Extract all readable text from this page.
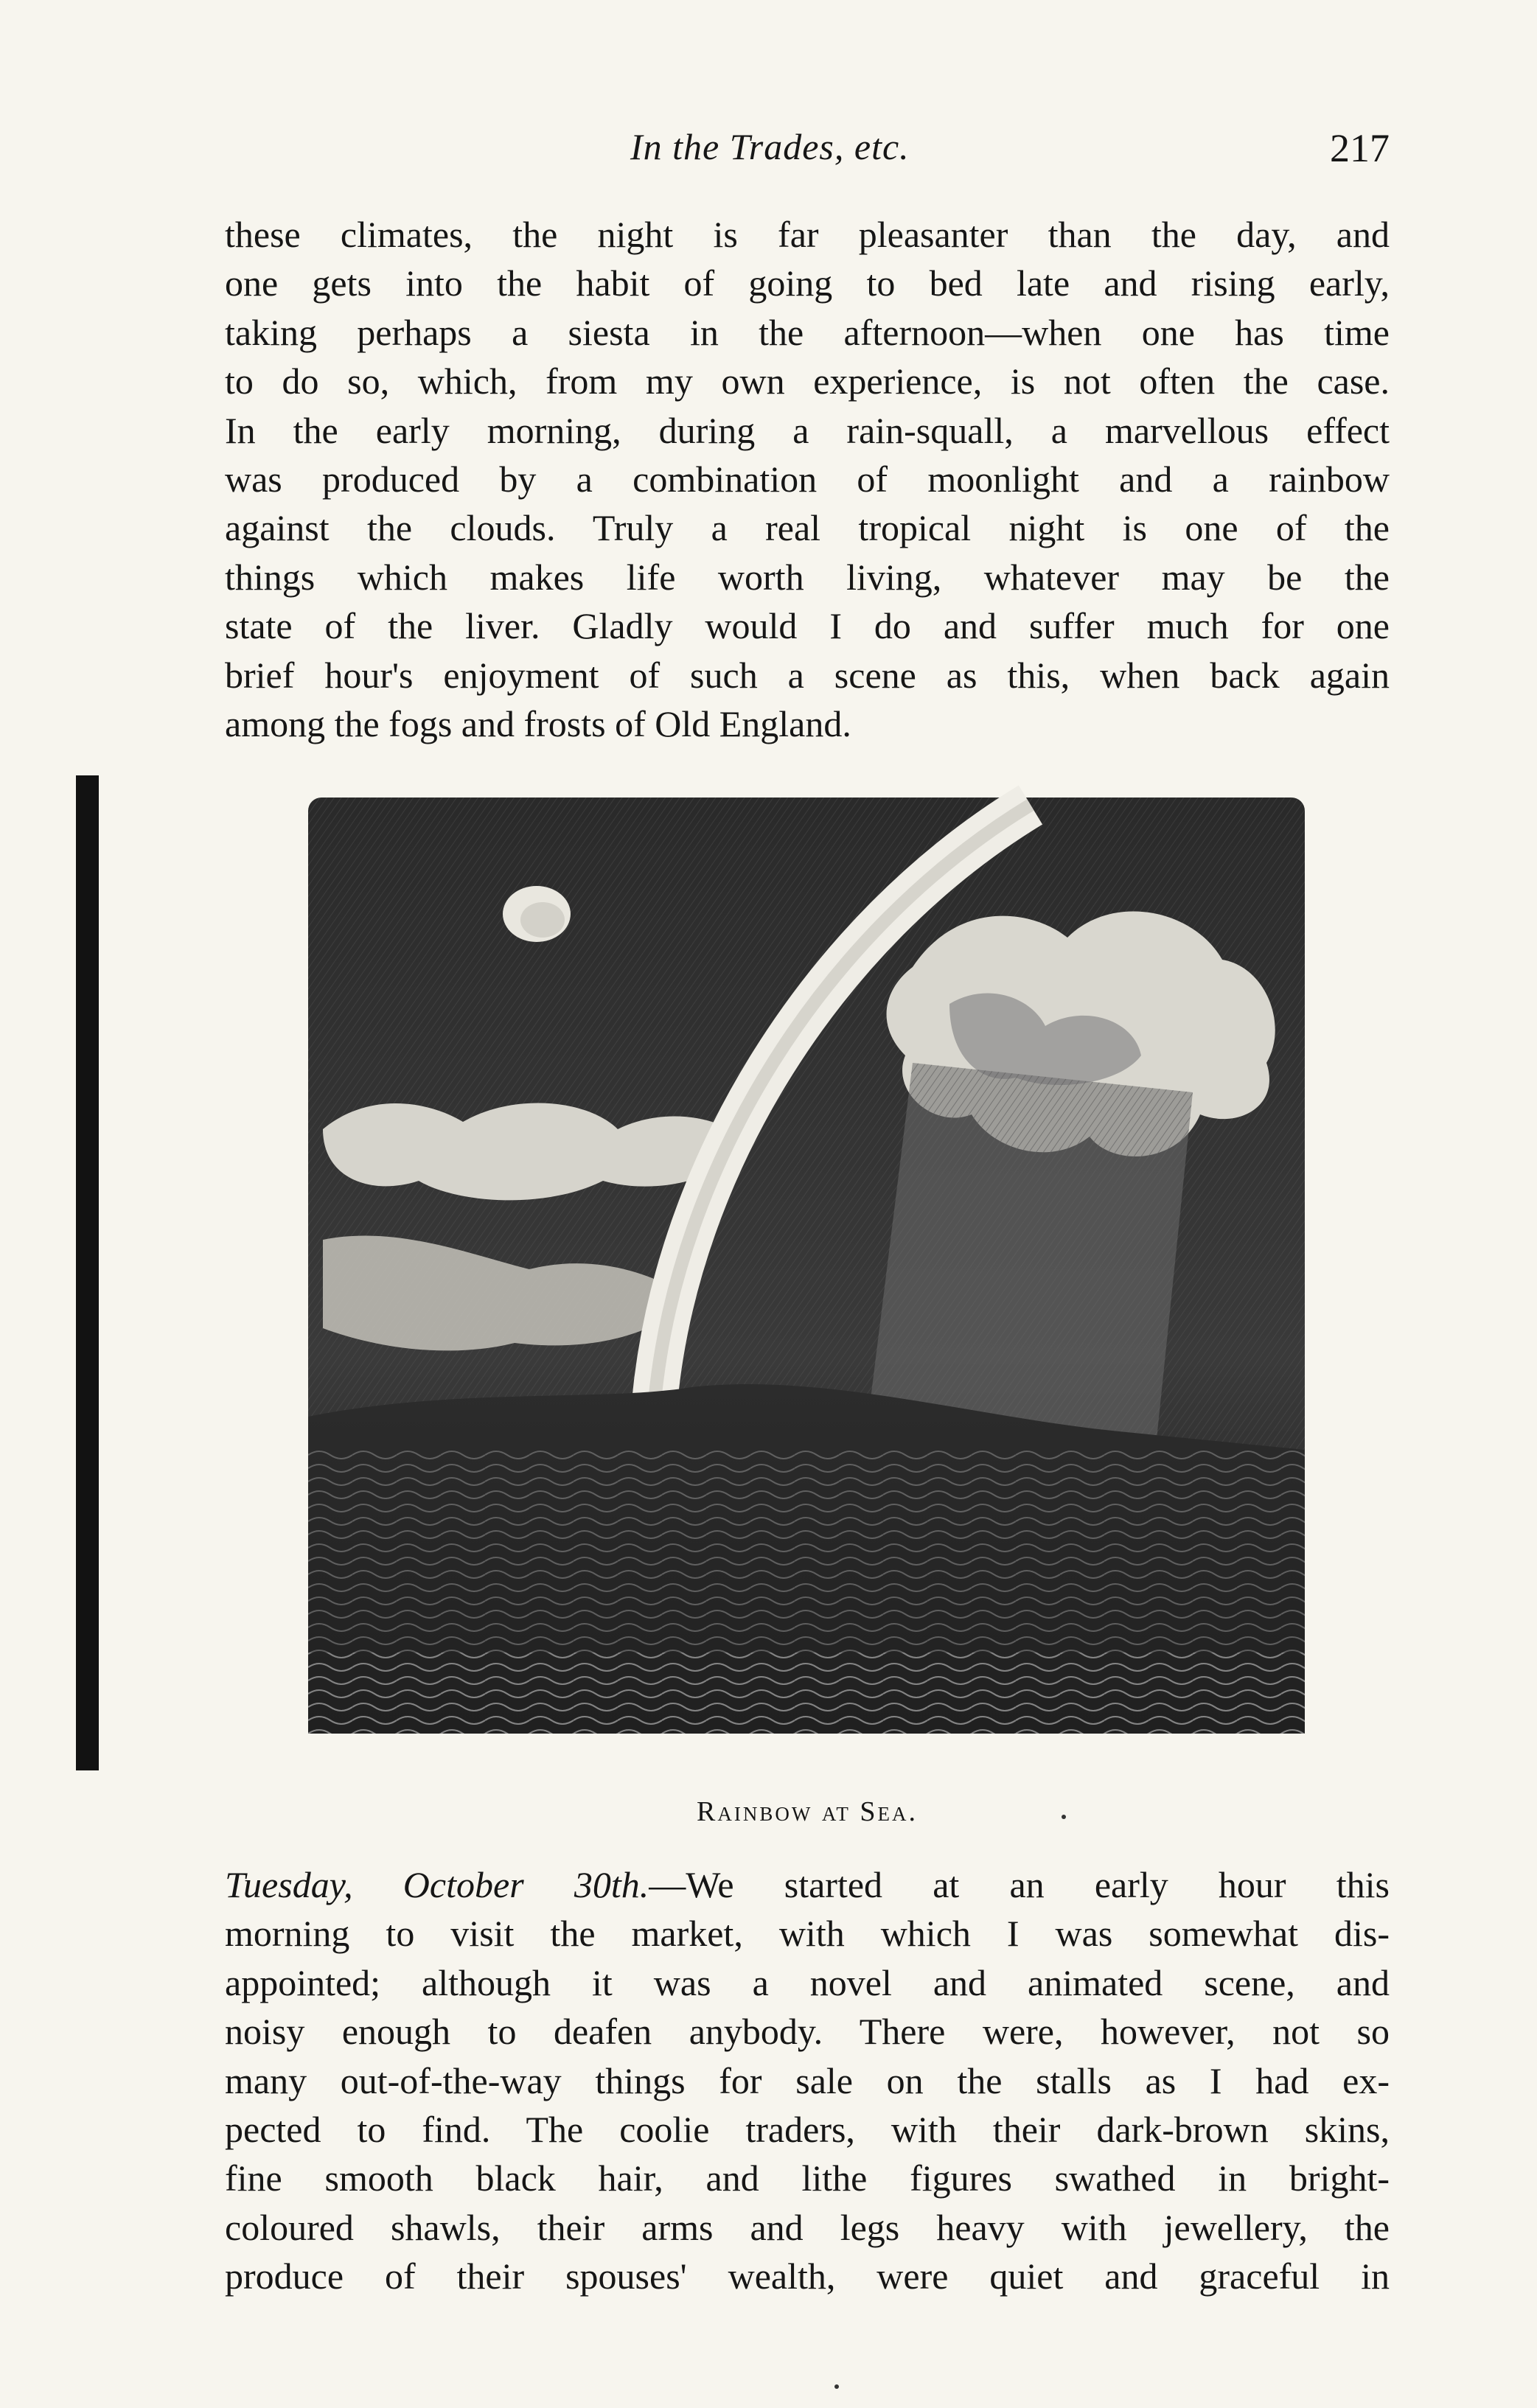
In the Trades, etc.	217
these climates, the night is far pleasanter than the day, and
one gets into the habit of going to bed late and rising early,
taking perhaps a siesta in the afternoon—when one has time
to do so, which, from my own experience, is not often the case.
In the early morning, during a rain-squall, a marvellous effect
was produced by a combination of moonlight and a rainbow
against the clouds. Truly a real tropical night is one of the
things which makes life worth living, whatever may be the
state of the liver. Gladly would I do and suffer much for one
brief hour's enjoyment of such a scene as this, when back again
among the fogs and frosts of Old England.
Rainbow at Sea.
Tuesday, October 30th.—We started at an early hour this
morning to visit the market, with which I was somewhat dis-
appointed; although it was a novel and animated scene, and
noisy enough to deafen anybody. There were, however, not so
many out-of-the-way things for sale on the stalls as I had ex-
pected to find. The coolie traders, with their dark-brown skins,
fine smooth black hair, and lithe figures swathed in bright-
coloured shawls, their arms and legs heavy with jewellery, the
produce of their spouses' wealth, were quiet and graceful in
